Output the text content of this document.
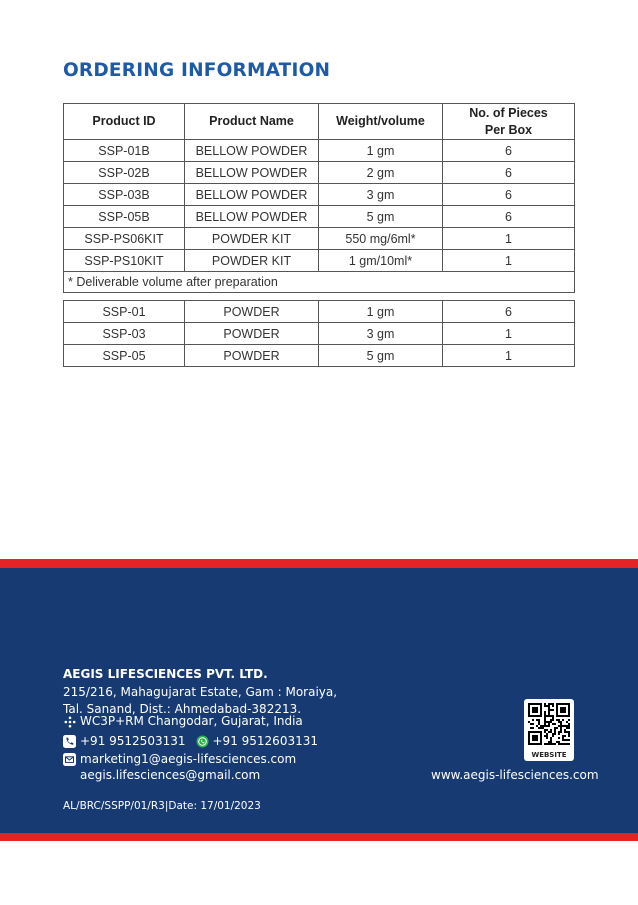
ORDERING INFORMATION
Product ID	Product Name	Weight/volume	No. of Pieces
Per Box
SSP-01B	BELLOW POWDER	1 gm	6
SSP-02B	BELLOW POWDER	2 gm	6
SSP-03B	BELLOW POWDER	3 gm	6
SSP-05B	BELLOW POWDER	5 gm	6
SSP-PS06KIT	POWDER KIT	550 mg/6ml*	1
SSP-PS10KIT	POWDER KIT	1 gm/10ml*	1
* Deliverable volume after preparation			
SSP-01	POWDER	1 gm	6
SSP-03	POWDER	3 gm	1
SSP-05	POWDER	5 gm	1
AEGIS LIFESCIENCES PVT. LTD.
215/216, Mahagujarat Estate, Gam : Moraiya,
Tal. Sanand, Dist.: Ahmedabad-382213.
WC3P+RM Changodar, Gujarat, India
+91 9512503131 +91 9512603131
marketing1@aegis-lifesciences.com
aegis.lifesciences@gmail.com
WEBSITE
www.aegis-lifesciences.com
AL/BRC/SSPP/01/R3|Date: 17/01/2023
